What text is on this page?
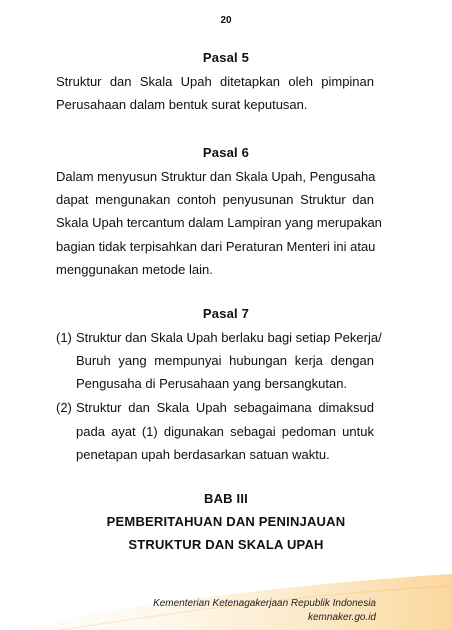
20
Pasal 5
Struktur dan Skala Upah ditetapkan oleh pimpinan
Perusahaan dalam bentuk surat keputusan.
Pasal 6
Dalam menyusun Struktur dan Skala Upah, Pengusaha
dapat mengunakan contoh penyusunan Struktur dan
Skala Upah tercantum dalam Lampiran yang merupakan
bagian tidak terpisahkan dari Peraturan Menteri ini atau
menggunakan metode lain.
Pasal 7
(1) Struktur dan Skala Upah berlaku bagi setiap Pekerja/
Buruh yang mempunyai hubungan kerja dengan
Pengusaha di Perusahaan yang bersangkutan.
(2) Struktur dan Skala Upah sebagaimana dimaksud
pada ayat (1) digunakan sebagai pedoman untuk
penetapan upah berdasarkan satuan waktu.
BAB III
PEMBERITAHUAN DAN PENINJAUAN
STRUKTUR DAN SKALA UPAH
Kementerian Ketenagakerjaan Republik Indonesia
kemnaker.go.id
